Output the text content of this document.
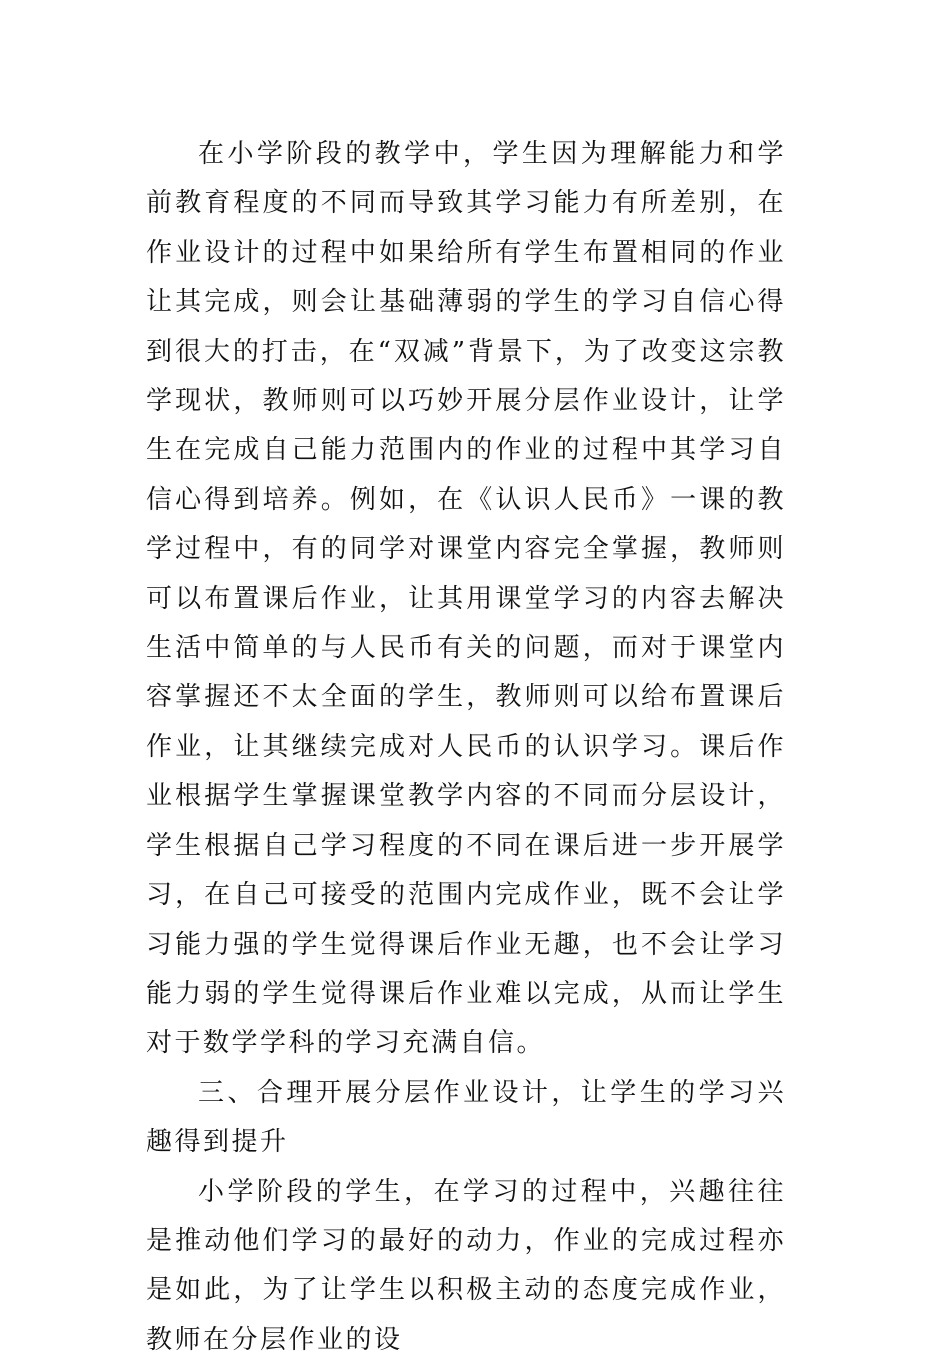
在小学阶段的教学中，学生因为理解能力和学前教育程度的不同而导致其学习能力有所差别，在作业设计的过程中如果给所有学生布置相同的作业让其完成，则会让基础薄弱的学生的学习自信心得到很大的打击，在“双减”背景下，为了改变这宗教学现状，教师则可以巧妙开展分层作业设计，让学生在完成自己能力范围内的作业的过程中其学习自信心得到培养。例如，在《认识人民币》一课的教学过程中，有的同学对课堂内容完全掌握，教师则可以布置课后作业，让其用课堂学习的内容去解决生活中简单的与人民币有关的问题，而对于课堂内容掌握还不太全面的学生，教师则可以给布置课后作业，让其继续完成对人民币的认识学习。课后作业根据学生掌握课堂教学内容的不同而分层设计，学生根据自己学习程度的不同在课后进一步开展学习，在自己可接受的范围内完成作业，既不会让学习能力强的学生觉得课后作业无趣，也不会让学习能力弱的学生觉得课后作业难以完成，从而让学生对于数学学科的学习充满自信。

三、合理开展分层作业设计，让学生的学习兴趣得到提升

小学阶段的学生，在学习的过程中，兴趣往往是推动他们学习的最好的动力，作业的完成过程亦是如此，为了让学生以积极主动的态度完成作业，教师在分层作业的设
